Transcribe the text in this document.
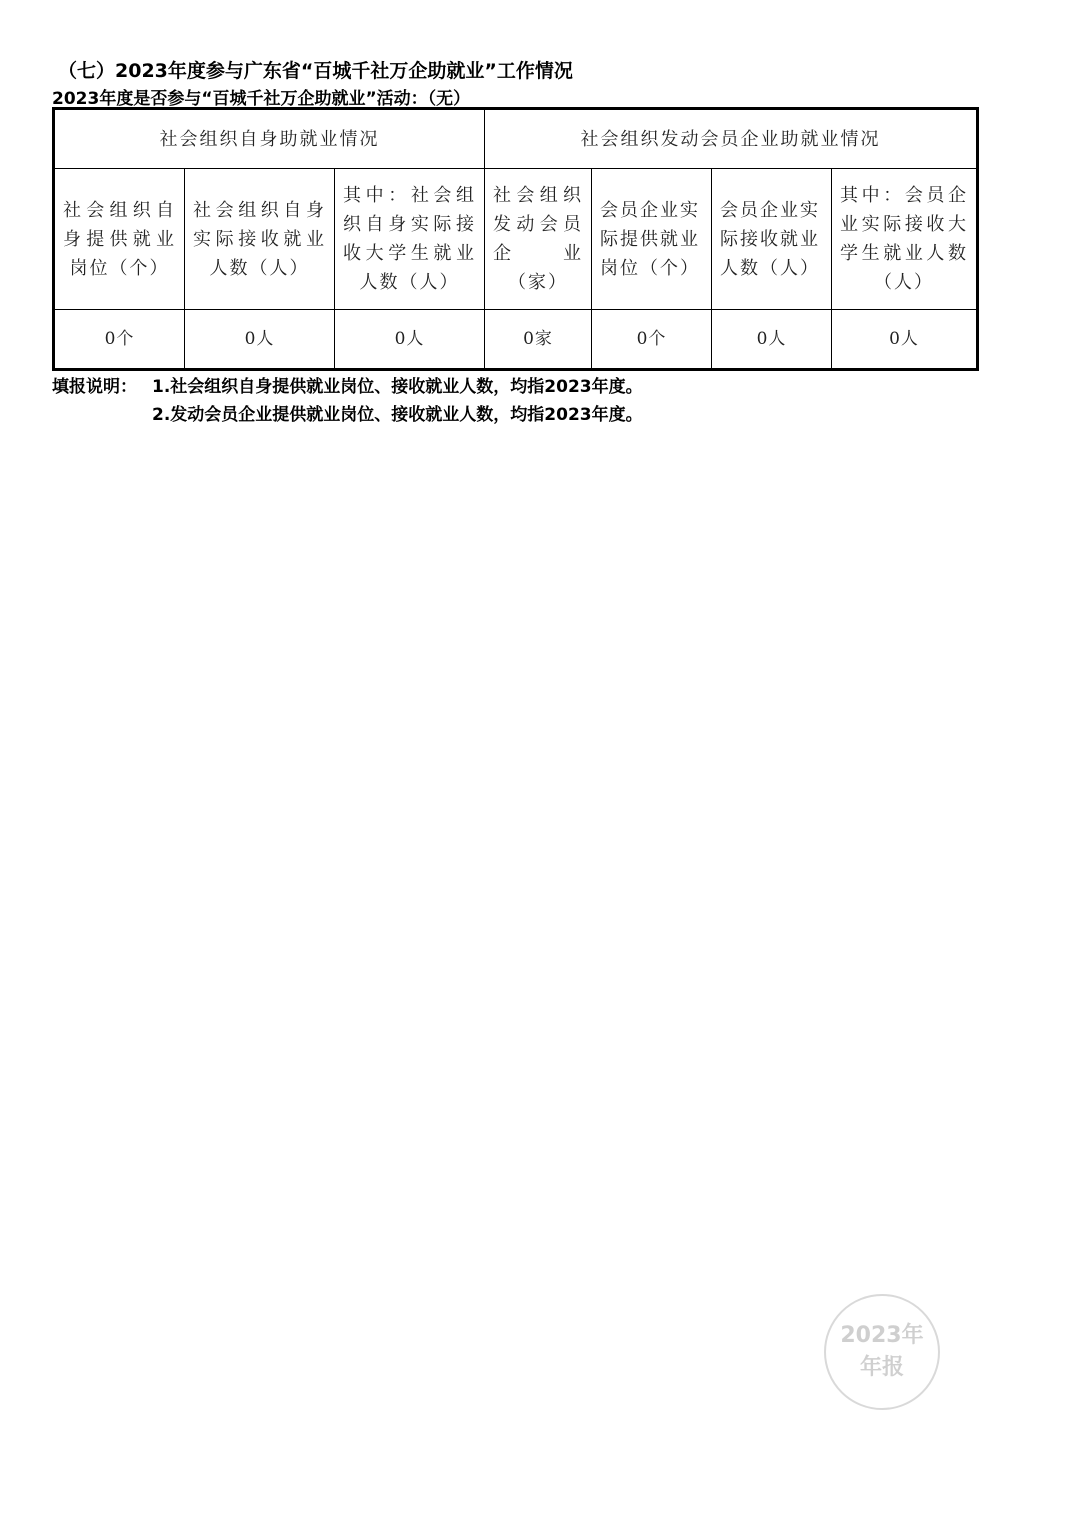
（七）2023年度参与广东省“百城千社万企助就业”工作情况

2023年度是否参与“百城千社万企助就业”活动：（无）

社会组织自身助就业情况			社会组织发动会员企业助就业情况			
社会组织自身提供就业岗位（个）	社会组织自身实际接收就业人数（人）	其中：社会组织自身实际接收大学生就业人数（人）	社会组织发动会员企业（家）	会员企业实际提供就业岗位（个）	会员企业实际接收就业人数（人）	其中：会员企业实际接收大学生就业人数（人）
0个	0人	0人	0家	0个	0人	0人
填报说明： 1.社会组织自身提供就业岗位、接收就业人数，均指2023年度。
2.发动会员企业提供就业岗位、接收就业人数，均指2023年度。
2023年
年报
